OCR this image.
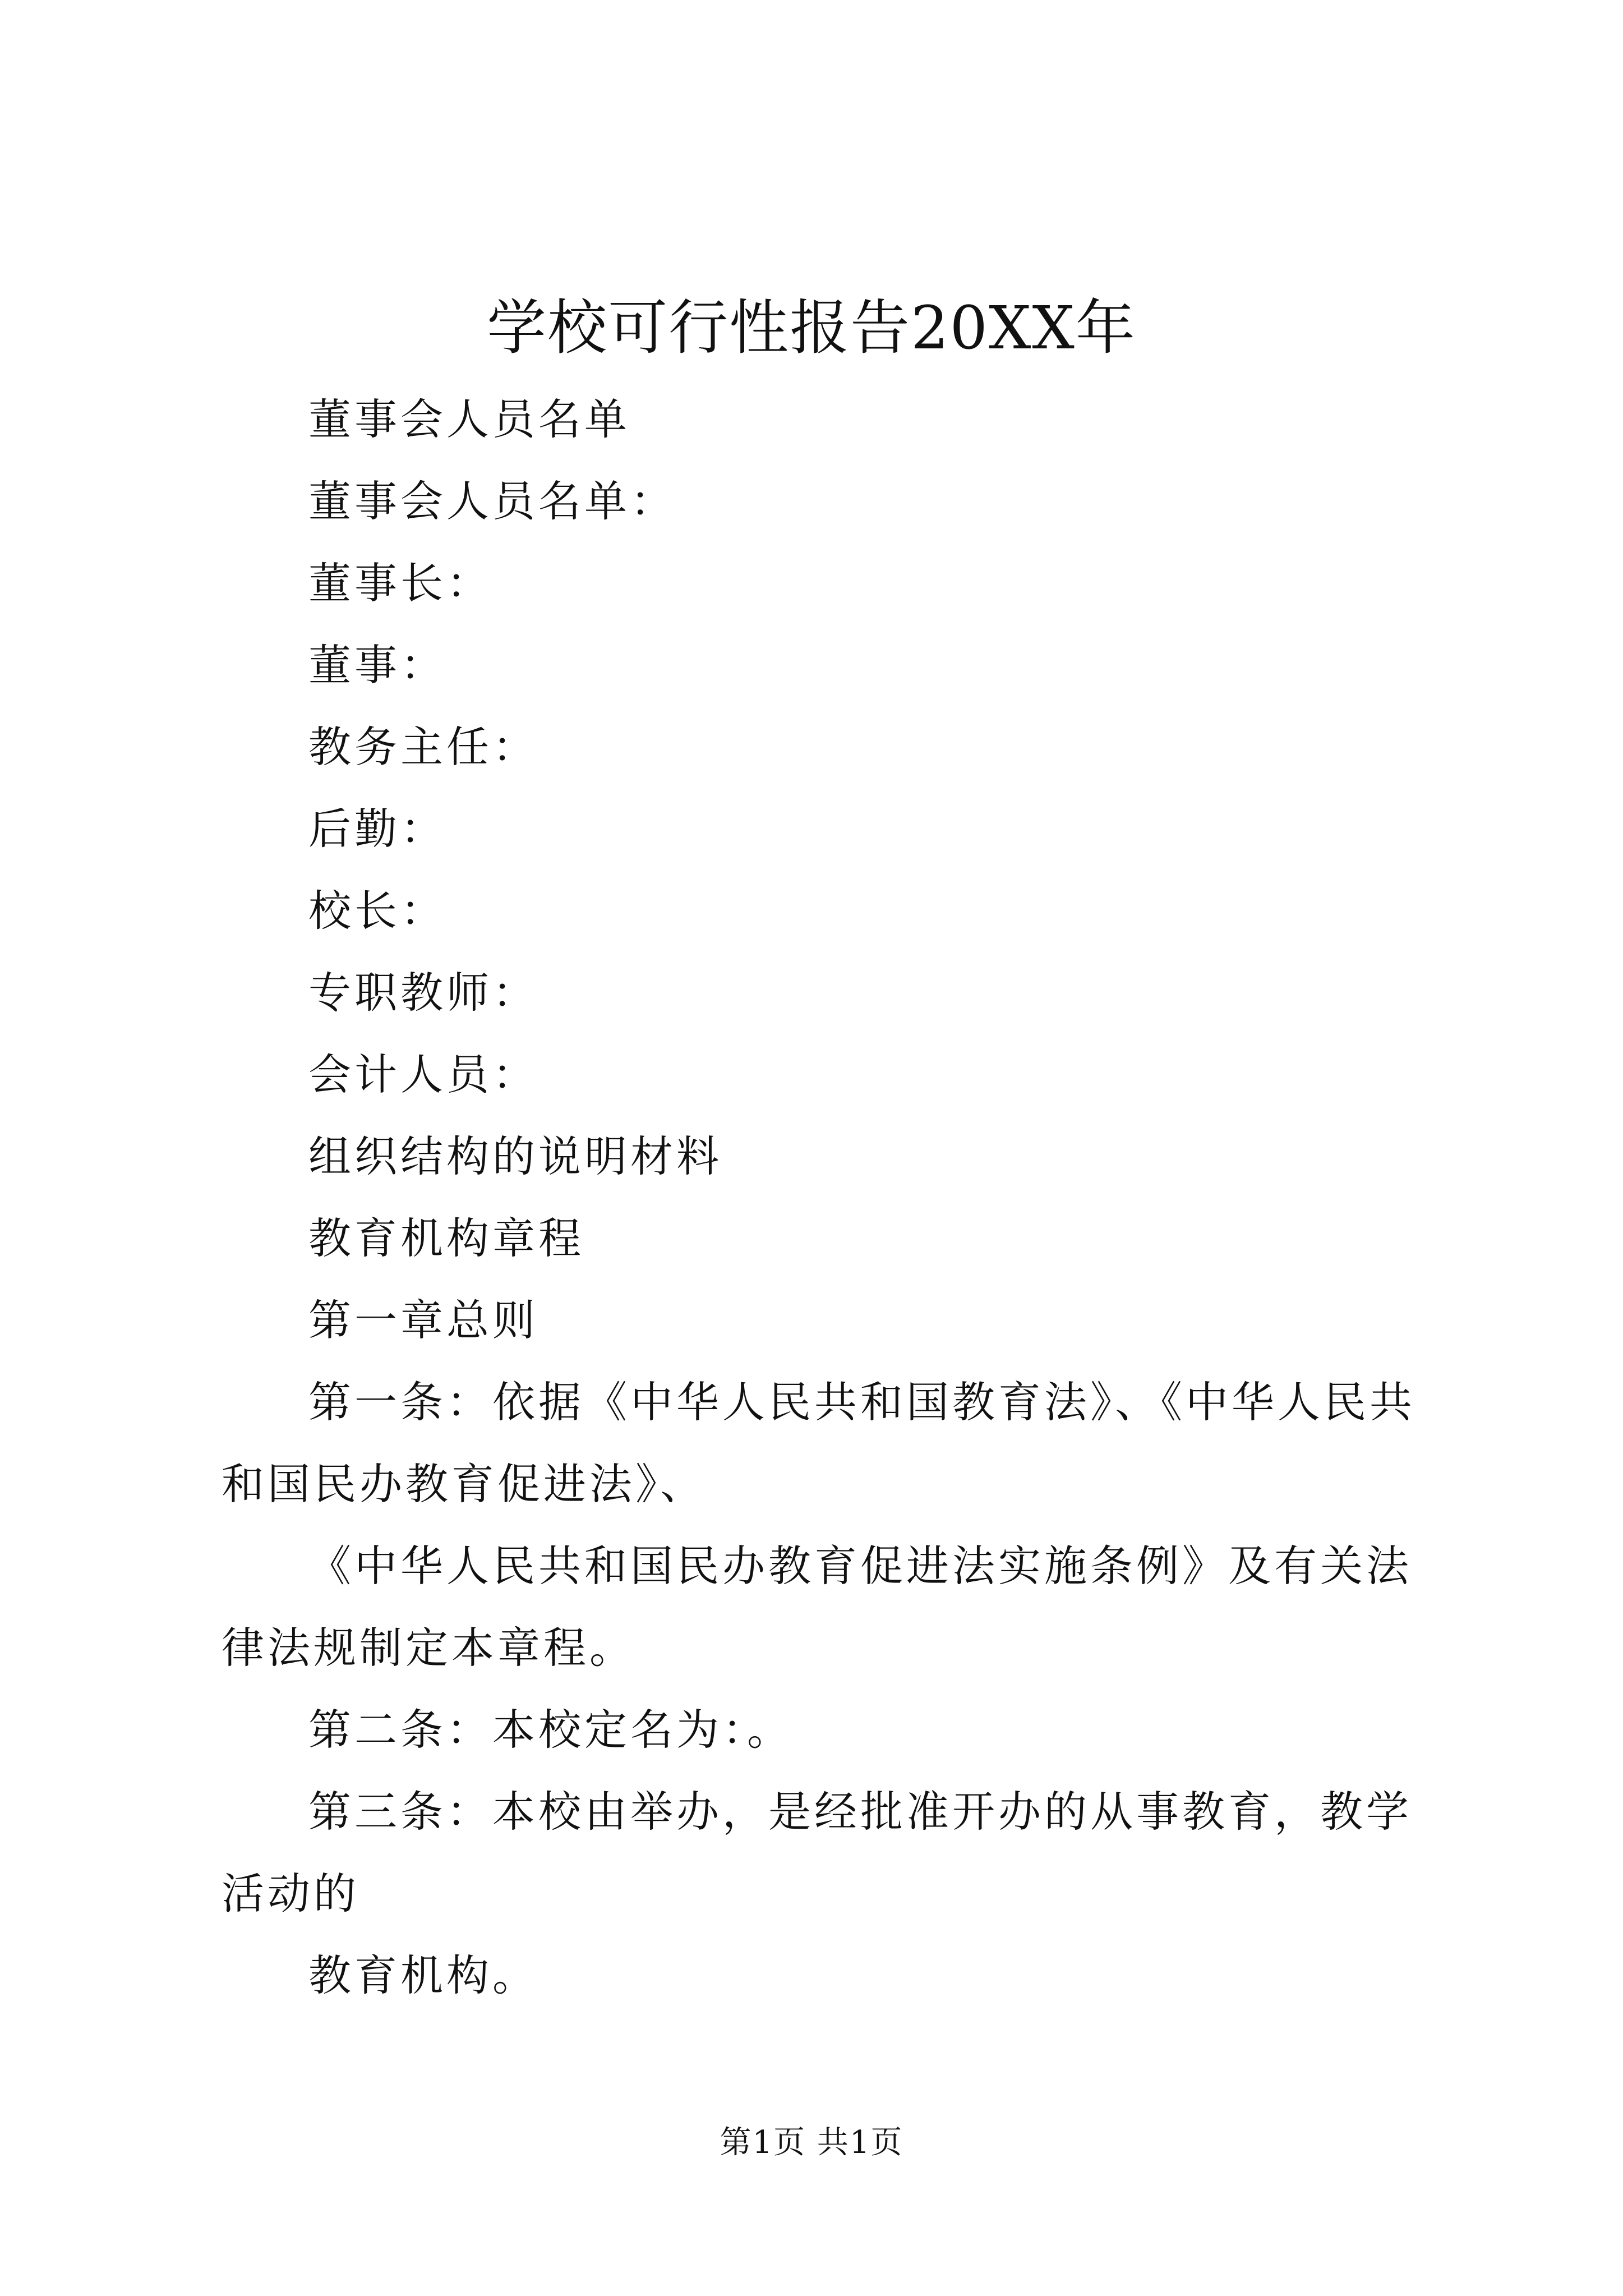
学校可行性报告20XX年

董事会人员名单

董事会人员名单：

董事长：

董事：

教务主任：

后勤：

校长：

专职教师：

会计人员：

组织结构的说明材料

教育机构章程

第一章总则

第一条：依据《中华人民共和国教育法》、《中华人民共和国民办教育促进法》、

《中华人民共和国民办教育促进法实施条例》及有关法律法规制定本章程。

第二条：本校定名为：。

第三条：本校由举办，是经批准开办的从事教育，教学活动的

教育机构。

第1页 共1页
